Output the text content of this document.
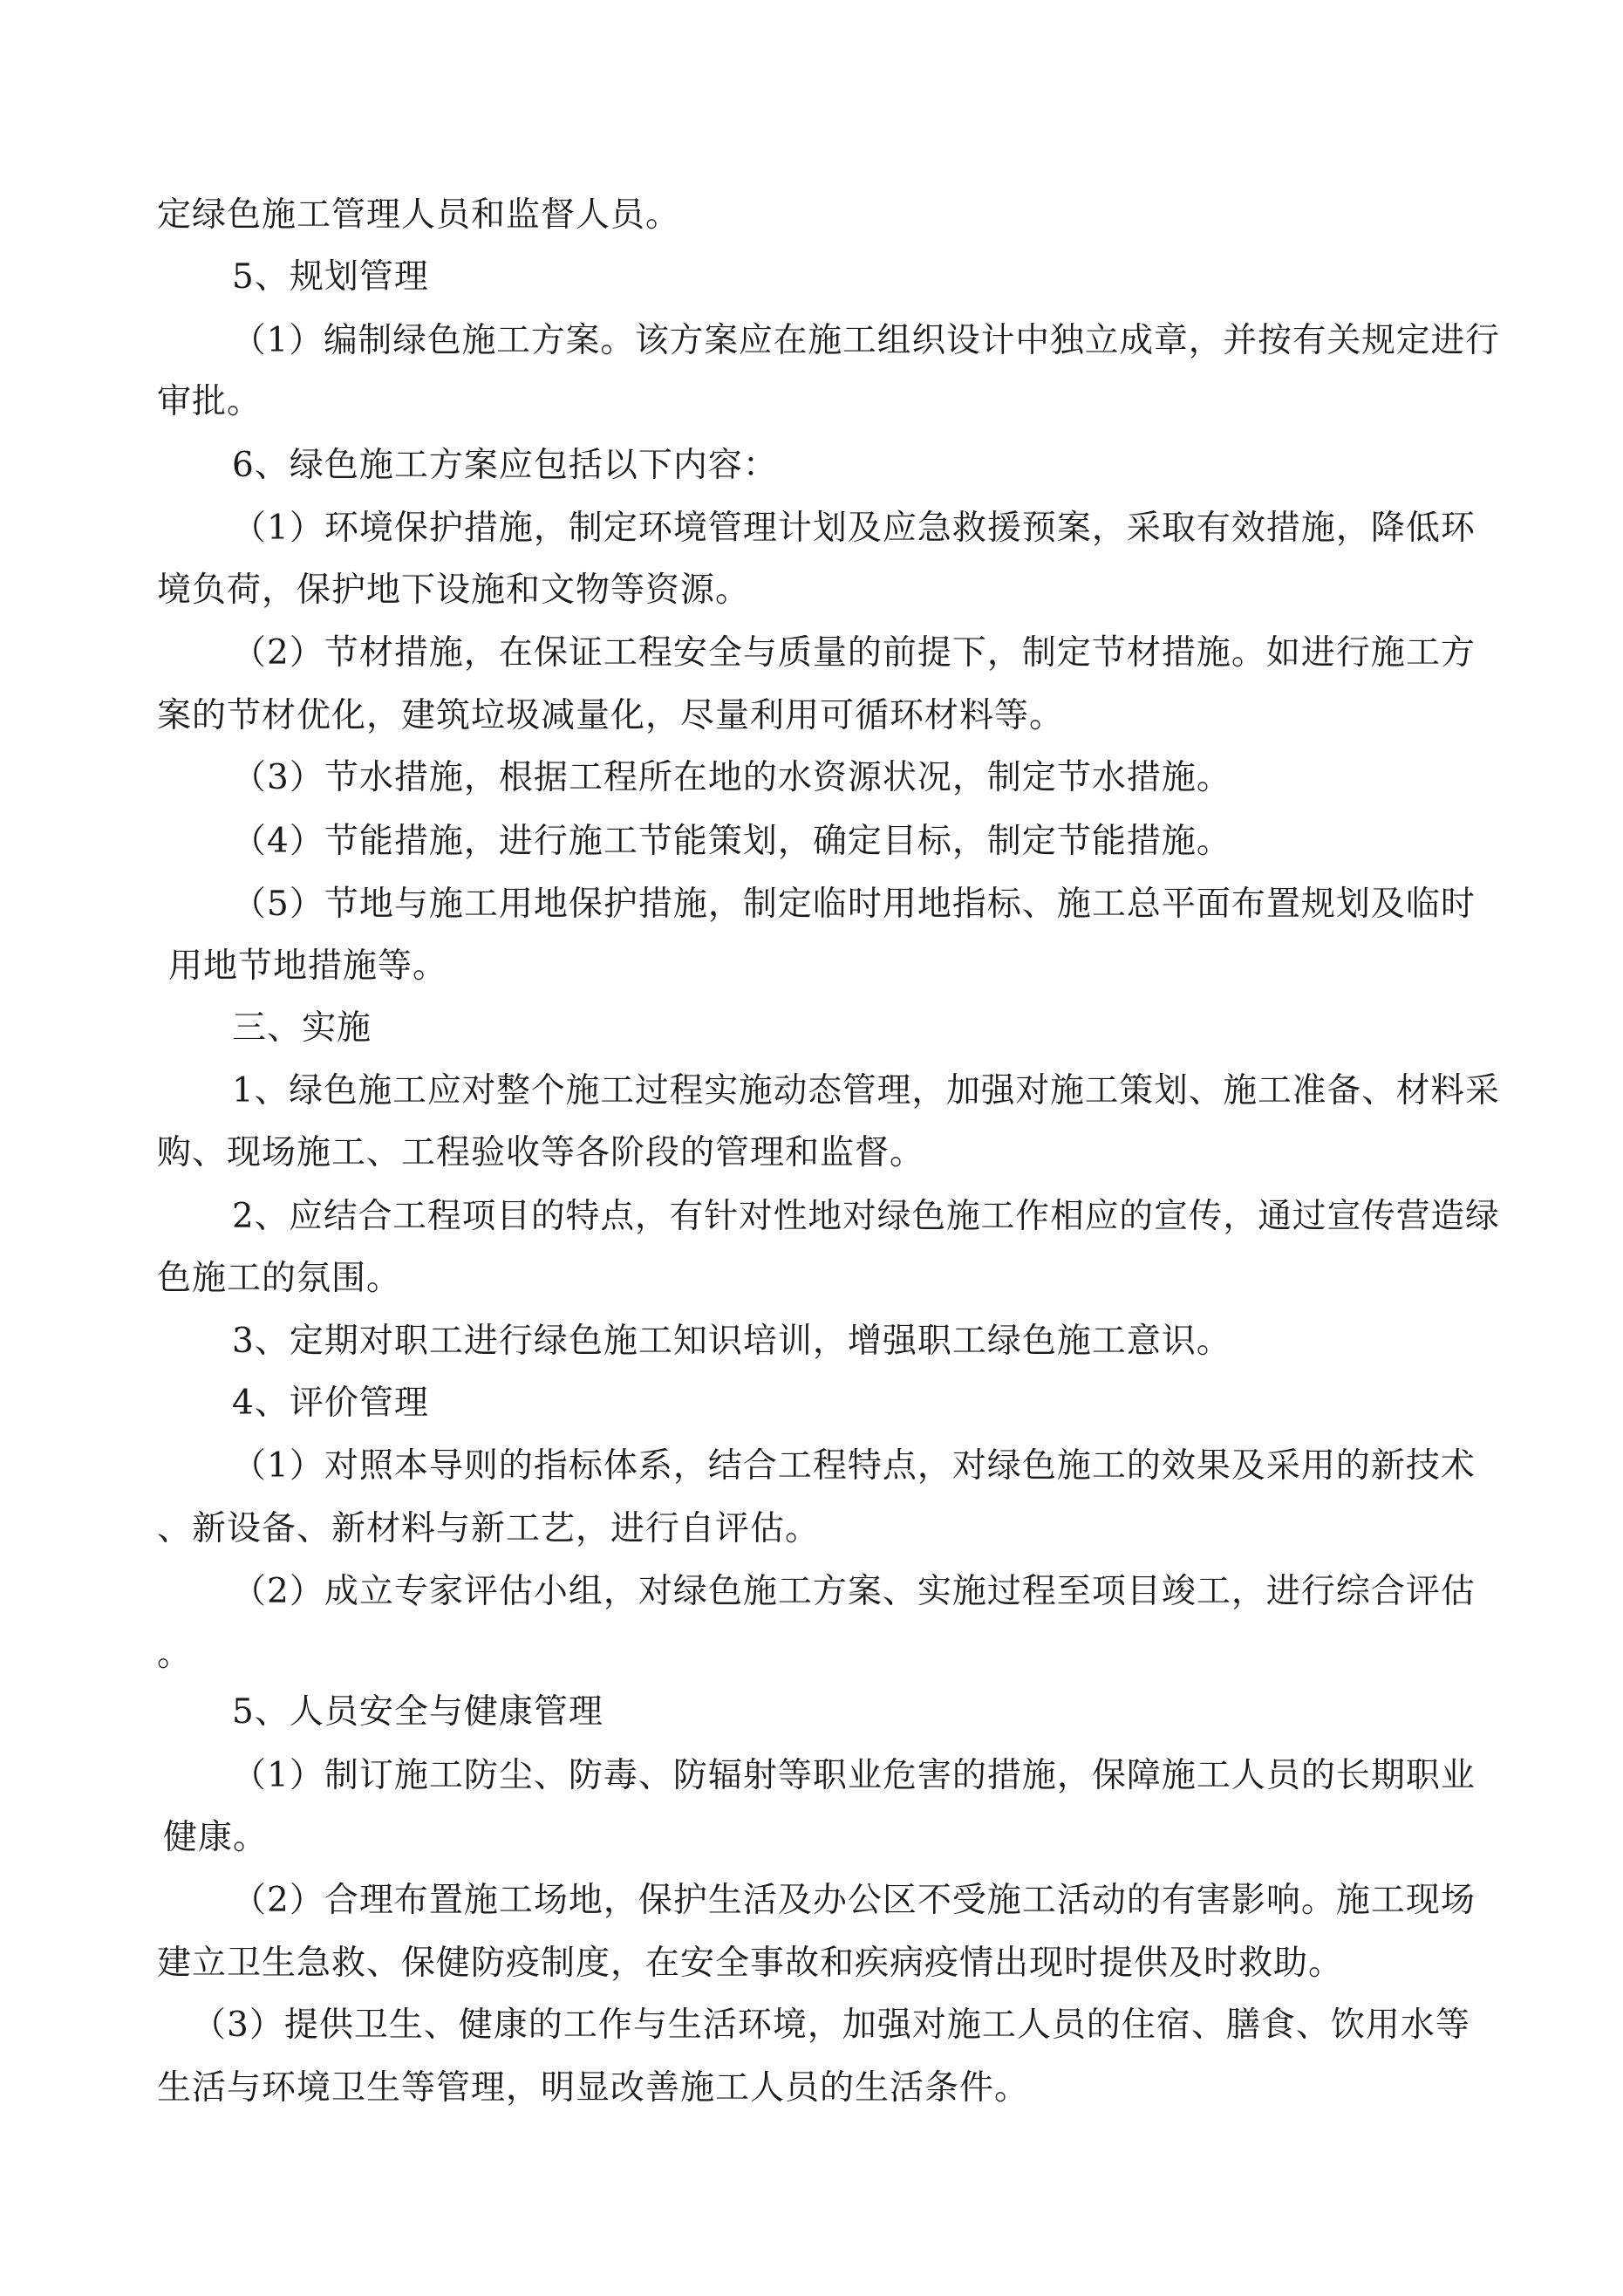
定绿色施工管理人员和监督人员。
5、规划管理
（1）编制绿色施工方案。该方案应在施工组织设计中独立成章，并按有关规定进行
审批。
6、绿色施工方案应包括以下内容：
（1）环境保护措施，制定环境管理计划及应急救援预案，采取有效措施，降低环
境负荷，保护地下设施和文物等资源。
（2）节材措施，在保证工程安全与质量的前提下，制定节材措施。如进行施工方
案的节材优化，建筑垃圾减量化，尽量利用可循环材料等。
（3）节水措施，根据工程所在地的水资源状况，制定节水措施。
（4）节能措施，进行施工节能策划，确定目标，制定节能措施。
（5）节地与施工用地保护措施，制定临时用地指标、施工总平面布置规划及临时
用地节地措施等。
三、实施
1、绿色施工应对整个施工过程实施动态管理，加强对施工策划、施工准备、材料采
购、现场施工、工程验收等各阶段的管理和监督。
2、应结合工程项目的特点，有针对性地对绿色施工作相应的宣传，通过宣传营造绿
色施工的氛围。
3、定期对职工进行绿色施工知识培训，增强职工绿色施工意识。
4、评价管理
（1）对照本导则的指标体系，结合工程特点，对绿色施工的效果及采用的新技术
、新设备、新材料与新工艺，进行自评估。
（2）成立专家评估小组，对绿色施工方案、实施过程至项目竣工，进行综合评估
。
5、人员安全与健康管理
（1）制订施工防尘、防毒、防辐射等职业危害的措施，保障施工人员的长期职业
健康。
（2）合理布置施工场地，保护生活及办公区不受施工活动的有害影响。施工现场
建立卫生急救、保健防疫制度，在安全事故和疾病疫情出现时提供及时救助。
（3）提供卫生、健康的工作与生活环境，加强对施工人员的住宿、膳食、饮用水等
生活与环境卫生等管理，明显改善施工人员的生活条件。
